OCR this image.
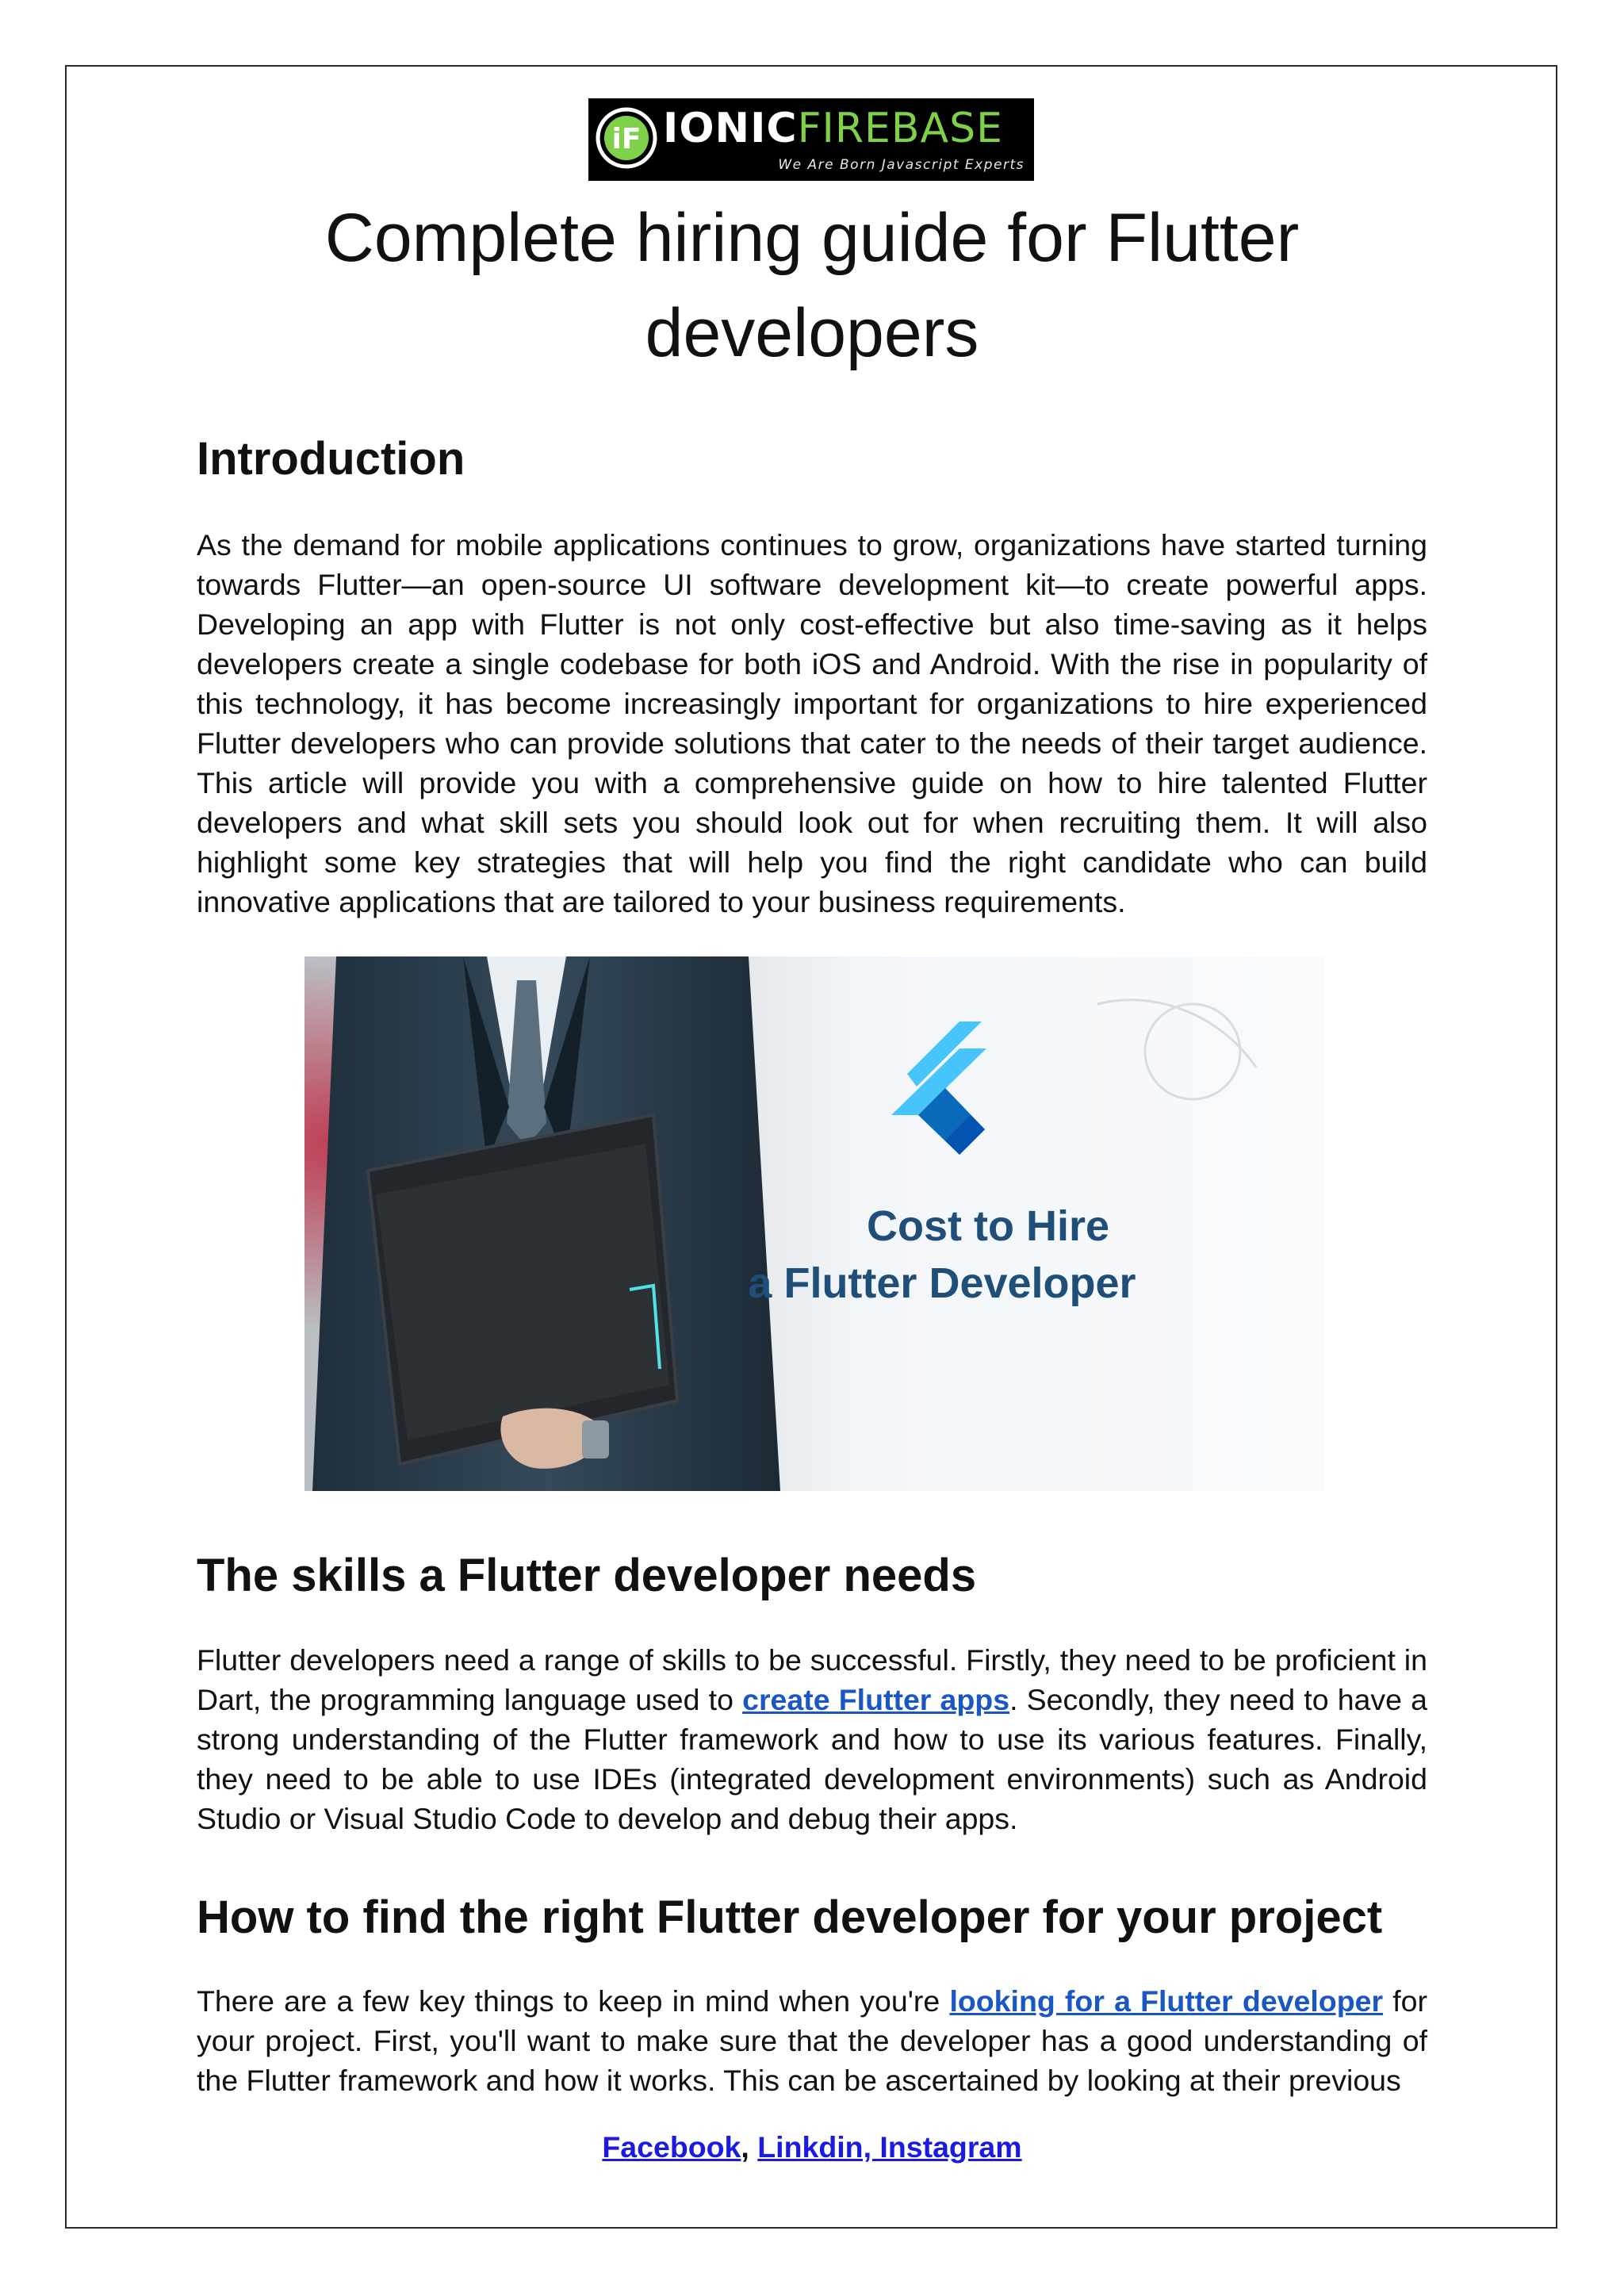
iF IONICFIREBASE
We Are Born Javascript Experts
Complete hiring guide for Flutter developers
Introduction

As the demand for mobile applications continues to grow, organizations have started turning towards Flutter—an open-source UI software development kit—to create powerful apps. Developing an app with Flutter is not only cost-effective but also time-saving as it helps developers create a single codebase for both iOS and Android. With the rise in popularity of this technology, it has become increasingly important for organizations to hire experienced Flutter developers who can provide solutions that cater to the needs of their target audience. This article will provide you with a comprehensive guide on how to hire talented Flutter developers and what skill sets you should look out for when recruiting them. It will also highlight some key strategies that will help you find the right candidate who can build innovative applications that are tailored to your business requirements.

Cost to Hire
a Flutter Developer
The skills a Flutter developer needs

Flutter developers need a range of skills to be successful. Firstly, they need to be proficient in Dart, the programming language used to create Flutter apps. Secondly, they need to have a strong understanding of the Flutter framework and how to use its various features. Finally, they need to be able to use IDEs (integrated development environments) such as Android Studio or Visual Studio Code to develop and debug their apps.

How to find the right Flutter developer for your project

There are a few key things to keep in mind when you're looking for a Flutter developer for your project. First, you'll want to make sure that the developer has a good understanding of the Flutter framework and how it works. This can be ascertained by looking at their previous

Facebook, Linkdin, Instagram
